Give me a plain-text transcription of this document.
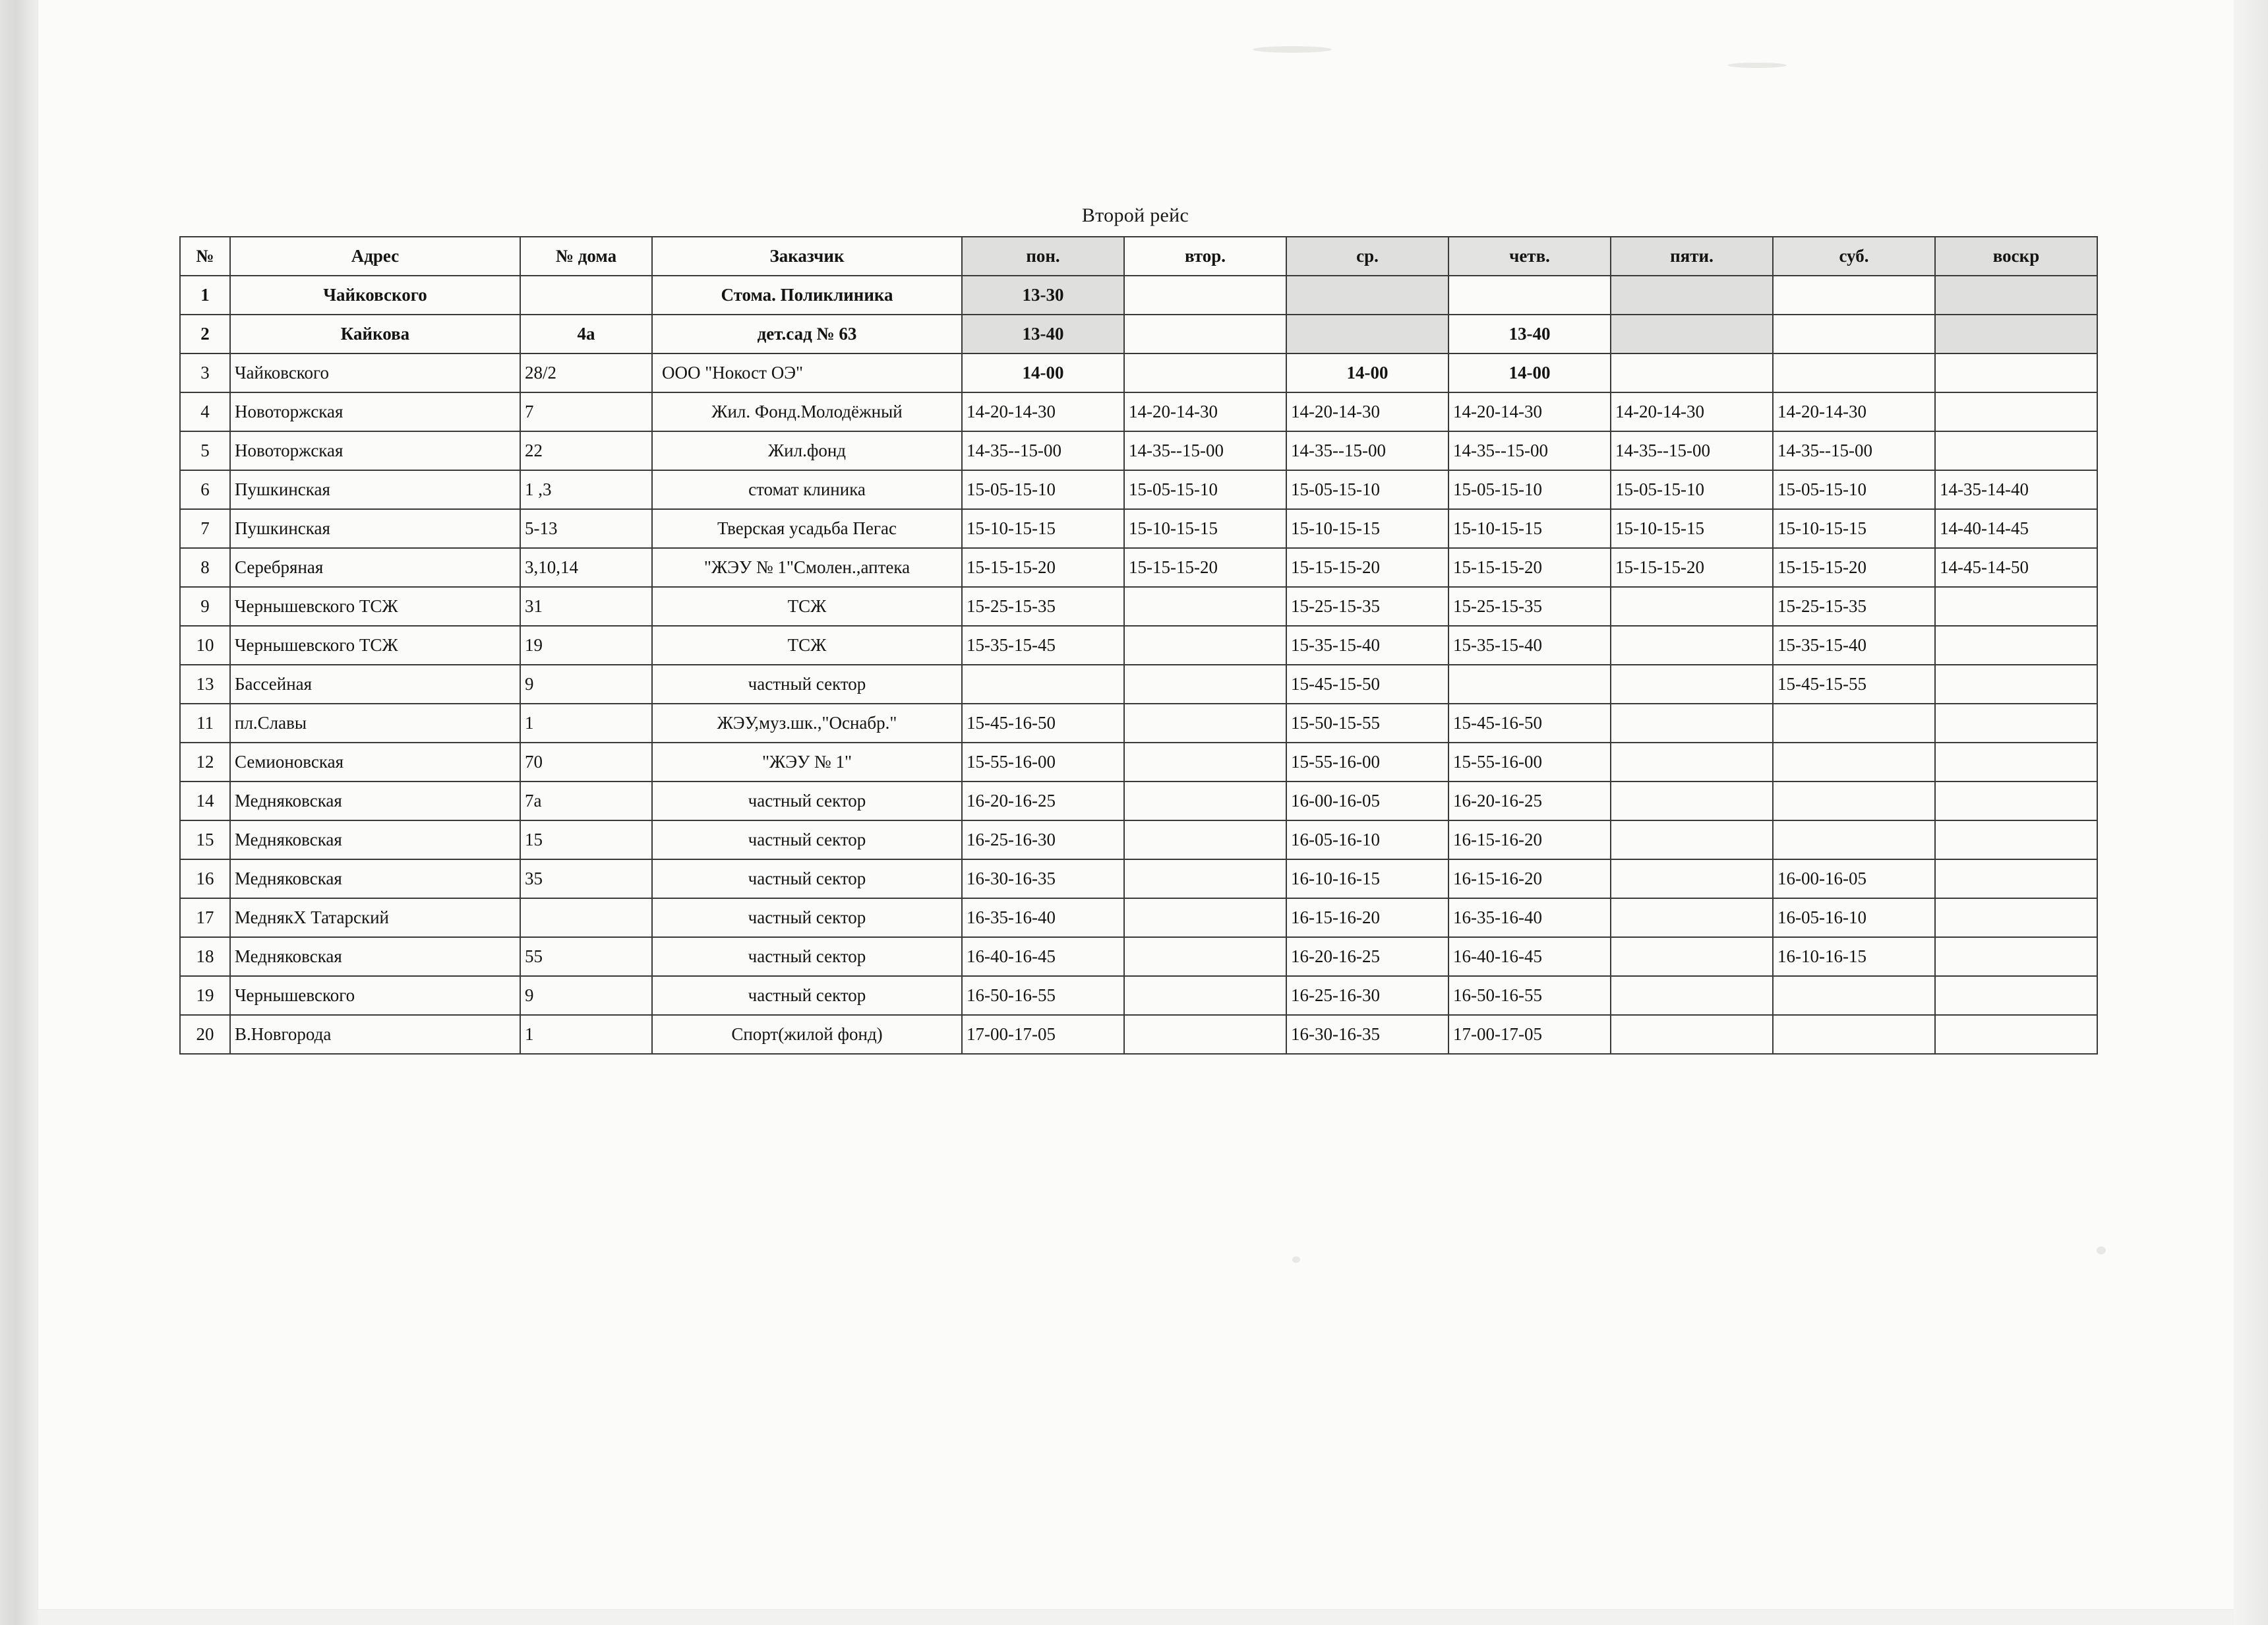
Второй рейс
№	Адрес	№ дома	Заказчик	пон.	втор.	ср.	четв.	пяти.	суб.	воскр
1	Чайковского		Стома. Поликлиника	13-30						
2	Кайкова	4а	дет.сад № 63	13-40			13-40			
3	Чайковского	28/2	ООО "Нокост ОЭ"	14-00		14-00	14-00			
4	Новоторжская	7	Жил. Фонд.Молодёжный	14-20-14-30	14-20-14-30	14-20-14-30	14-20-14-30	14-20-14-30	14-20-14-30	
5	Новоторжская	22	Жил.фонд	14-35--15-00	14-35--15-00	14-35--15-00	14-35--15-00	14-35--15-00	14-35--15-00	
6	Пушкинская	1 ,3	стомат клиника	15-05-15-10	15-05-15-10	15-05-15-10	15-05-15-10	15-05-15-10	15-05-15-10	14-35-14-40
7	Пушкинская	5-13	Тверская усадьба Пегас	15-10-15-15	15-10-15-15	15-10-15-15	15-10-15-15	15-10-15-15	15-10-15-15	14-40-14-45
8	Серебряная	3,10,14	"ЖЭУ № 1"Смолен.,аптека	15-15-15-20	15-15-15-20	15-15-15-20	15-15-15-20	15-15-15-20	15-15-15-20	14-45-14-50
9	Чернышевского ТСЖ	31	ТСЖ	15-25-15-35		15-25-15-35	15-25-15-35		15-25-15-35	
10	Чернышевского ТСЖ	19	ТСЖ	15-35-15-45		15-35-15-40	15-35-15-40		15-35-15-40	
13	Бассейная	9	частный сектор			15-45-15-50			15-45-15-55	
11	пл.Славы	1	ЖЭУ,муз.шк.,"Оснабр."	15-45-16-50		15-50-15-55	15-45-16-50			
12	Семионовская	70	"ЖЭУ № 1"	15-55-16-00		15-55-16-00	15-55-16-00			
14	Медняковская	7а	частный сектор	16-20-16-25		16-00-16-05	16-20-16-25			
15	Медняковская	15	частный сектор	16-25-16-30		16-05-16-10	16-15-16-20			
16	Медняковская	35	частный сектор	16-30-16-35		16-10-16-15	16-15-16-20		16-00-16-05	
17	МеднякХ Татарский		частный сектор	16-35-16-40		16-15-16-20	16-35-16-40		16-05-16-10	
18	Медняковская	55	частный сектор	16-40-16-45		16-20-16-25	16-40-16-45		16-10-16-15	
19	Чернышевского	9	частный сектор	16-50-16-55		16-25-16-30	16-50-16-55			
20	В.Новгорода	1	Спорт(жилой фонд)	17-00-17-05		16-30-16-35	17-00-17-05			
